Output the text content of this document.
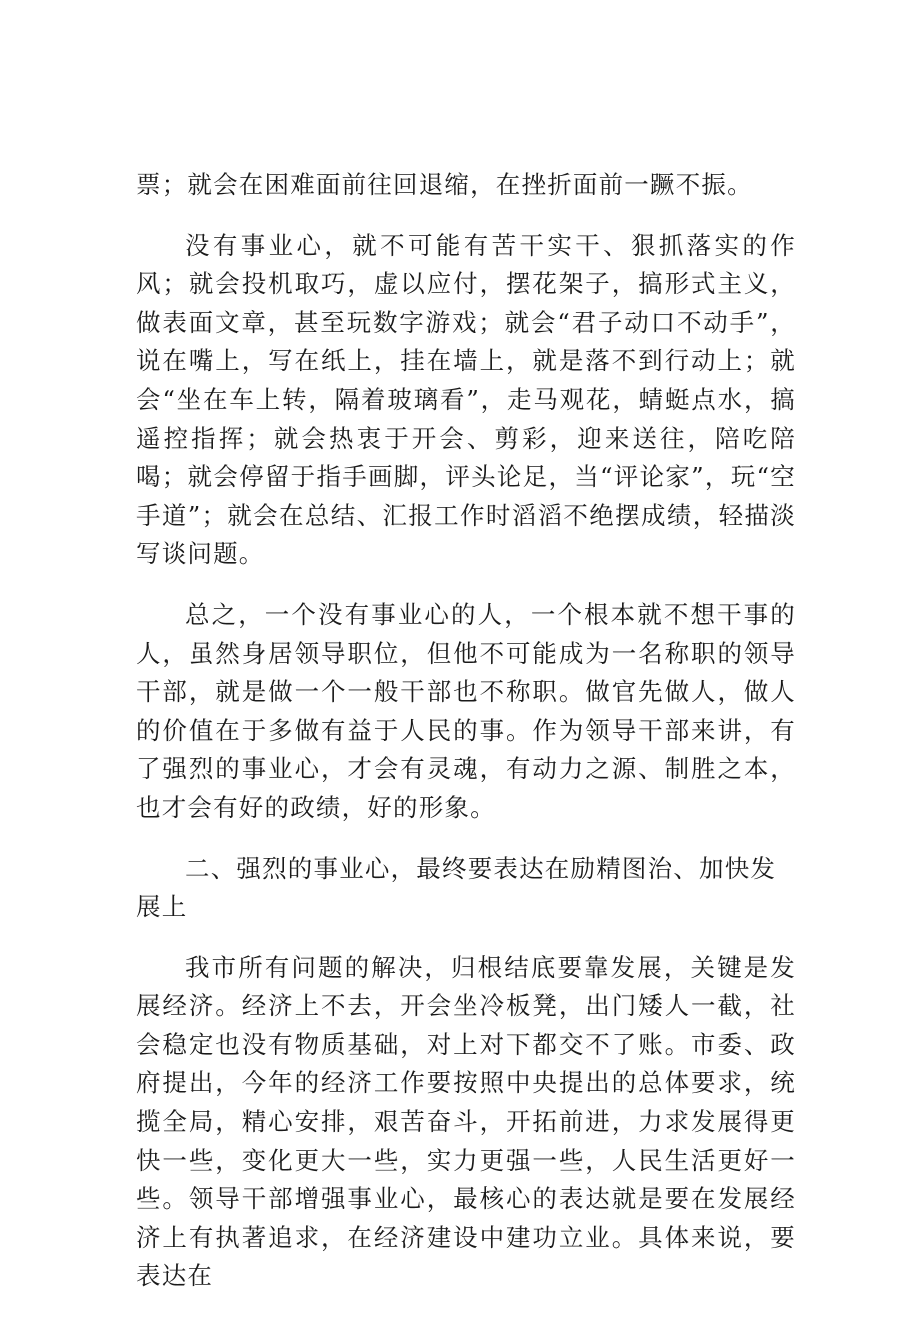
票；就会在困难面前往回退缩，在挫折面前一蹶不振。

没有事业心，就不可能有苦干实干、狠抓落实的作风；就会投机取巧，虚以应付，摆花架子，搞形式主义，做表面文章，甚至玩数字游戏；就会“君子动口不动手”，说在嘴上，写在纸上，挂在墙上，就是落不到行动上；就会“坐在车上转，隔着玻璃看”，走马观花，蜻蜓点水，搞遥控指挥；就会热衷于开会、剪彩，迎来送往，陪吃陪喝；就会停留于指手画脚，评头论足，当“评论家”，玩“空手道”；就会在总结、汇报工作时滔滔不绝摆成绩，轻描淡写谈问题。

总之，一个没有事业心的人，一个根本就不想干事的人，虽然身居领导职位，但他不可能成为一名称职的领导干部，就是做一个一般干部也不称职。做官先做人，做人的价值在于多做有益于人民的事。作为领导干部来讲，有了强烈的事业心，才会有灵魂，有动力之源、制胜之本，也才会有好的政绩，好的形象。

二、强烈的事业心，最终要表达在励精图治、加快发展上

我市所有问题的解决，归根结底要靠发展，关键是发展经济。经济上不去，开会坐冷板凳，出门矮人一截，社会稳定也没有物质基础，对上对下都交不了账。市委、政府提出，今年的经济工作要按照中央提出的总体要求，统揽全局，精心安排，艰苦奋斗，开拓前进，力求发展得更快一些，变化更大一些，实力更强一些，人民生活更好一些。领导干部增强事业心，最核心的表达就是要在发展经济上有执著追求，在经济建设中建功立业。具体来说，要表达在
